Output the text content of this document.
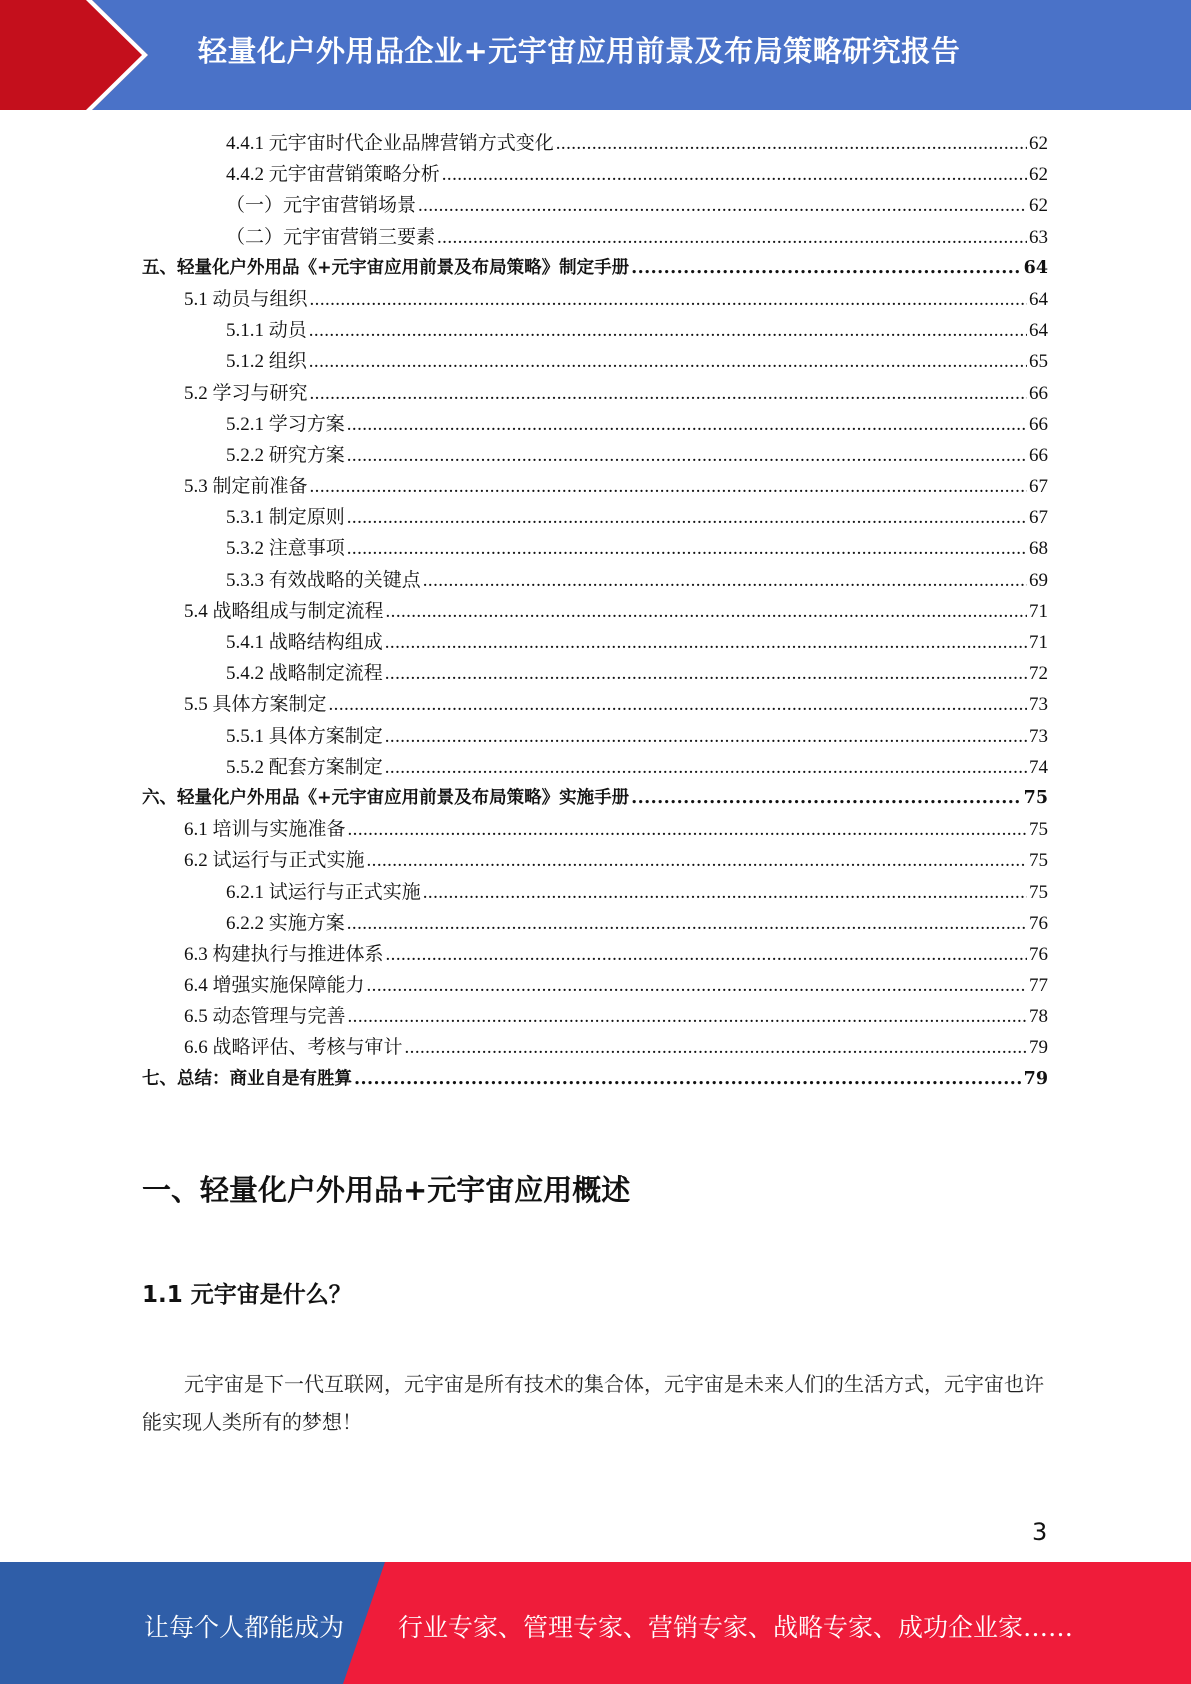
轻量化户外用品企业+元宇宙应用前景及布局策略研究报告
4.4.1 元宇宙时代企业品牌营销方式变化 .....	62
4.4.2 元宇宙营销策略分析 .....	62
（一）元宇宙营销场景 .....	62
（二）元宇宙营销三要素 .....	63
五、轻量化户外用品《+元宇宙应用前景及布局策略》制定手册 .....	64
5.1 动员与组织 .....	64
5.1.1 动员 .....	64
5.1.2 组织 .....	65
5.2 学习与研究 .....	66
5.2.1 学习方案 .....	66
5.2.2 研究方案 .....	66
5.3 制定前准备 .....	67
5.3.1 制定原则 .....	67
5.3.2 注意事项 .....	68
5.3.3 有效战略的关键点 .....	69
5.4 战略组成与制定流程 .....	71
5.4.1 战略结构组成 .....	71
5.4.2 战略制定流程 .....	72
5.5 具体方案制定 .....	73
5.5.1 具体方案制定 .....	73
5.5.2 配套方案制定 .....	74
六、轻量化户外用品《+元宇宙应用前景及布局策略》实施手册 .....	75
6.1 培训与实施准备 .....	75
6.2 试运行与正式实施 .....	75
6.2.1 试运行与正式实施 .....	75
6.2.2 实施方案 .....	76
6.3 构建执行与推进体系 .....	76
6.4 增强实施保障能力 .....	77
6.5 动态管理与完善 .....	78
6.6 战略评估、考核与审计 .....	79
七、总结：商业自是有胜算 .....	79
一、轻量化户外用品+元宇宙应用概述
1.1 元宇宙是什么？
元宇宙是下一代互联网，元宇宙是所有技术的集合体，元宇宙是未来人们的生活方式，元宇宙也许能实现人类所有的梦想！
3
让每个人都能成为 行业专家、管理专家、营销专家、战略专家、成功企业家……
